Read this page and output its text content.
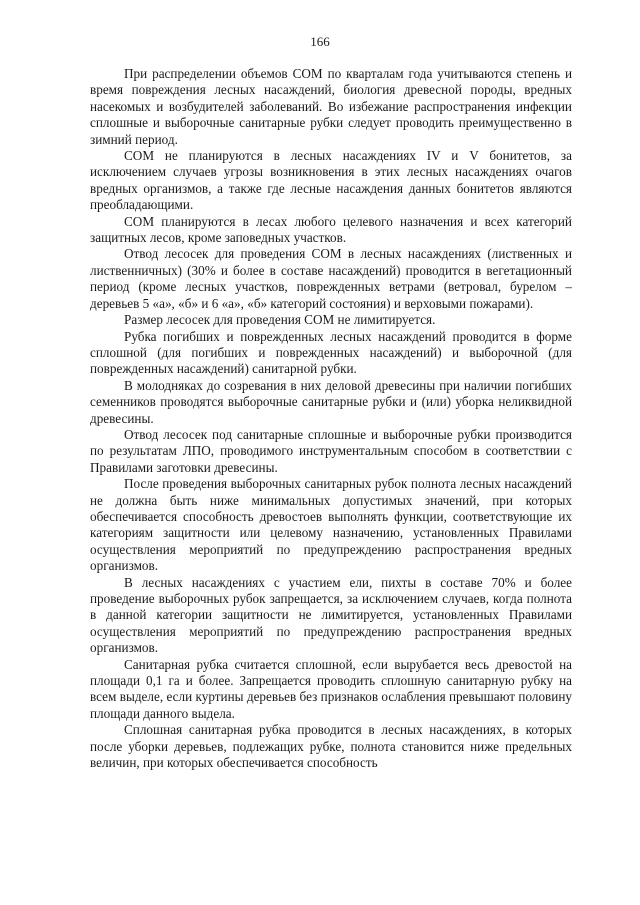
166

При распределении объемов СОМ по кварталам года учитываются степень и время повреждения лесных насаждений, биология древесной породы, вредных насекомых и возбудителей заболеваний. Во избежание распространения инфекции сплошные и выборочные санитарные рубки следует проводить преимущественно в зимний период.

СОМ не планируются в лесных насаждениях IV и V бонитетов, за исключением случаев угрозы возникновения в этих лесных насаждениях очагов вредных организмов, а также где лесные насаждения данных бонитетов являются преобладающими.

СОМ планируются в лесах любого целевого назначения и всех категорий защитных лесов, кроме заповедных участков.

Отвод лесосек для проведения СОМ в лесных насаждениях (лиственных и лиственничных) (30% и более в составе насаждений) проводится в вегетационный период (кроме лесных участков, поврежденных ветрами (ветровал, бурелом – деревьев 5 «а», «б» и 6 «а», «б» категорий состояния) и верховыми пожарами).

Размер лесосек для проведения СОМ не лимитируется.

Рубка погибших и поврежденных лесных насаждений проводится в форме сплошной (для погибших и поврежденных насаждений) и выборочной (для поврежденных насаждений) санитарной рубки.

В молодняках до созревания в них деловой древесины при наличии погибших семенников проводятся выборочные санитарные рубки и (или) уборка неликвидной древесины.

Отвод лесосек под санитарные сплошные и выборочные рубки производится по результатам ЛПО, проводимого инструментальным способом в соответствии с Правилами заготовки древесины.

После проведения выборочных санитарных рубок полнота лесных насаждений не должна быть ниже минимальных допустимых значений, при которых обеспечивается способность древостоев выполнять функции, соответствующие их категориям защитности или целевому назначению, установленных Правилами осуществления мероприятий по предупреждению распространения вредных организмов.

В лесных насаждениях с участием ели, пихты в составе 70% и более проведение выборочных рубок запрещается, за исключением случаев, когда полнота в данной категории защитности не лимитируется, установленных Правилами осуществления мероприятий по предупреждению распространения вредных организмов.

Санитарная рубка считается сплошной, если вырубается весь древостой на площади 0,1 га и более. Запрещается проводить сплошную санитарную рубку на всем выделе, если куртины деревьев без признаков ослабления превышают половину площади данного выдела.

Сплошная санитарная рубка проводится в лесных насаждениях, в которых после уборки деревьев, подлежащих рубке, полнота становится ниже предельных величин, при которых обеспечивается способность
